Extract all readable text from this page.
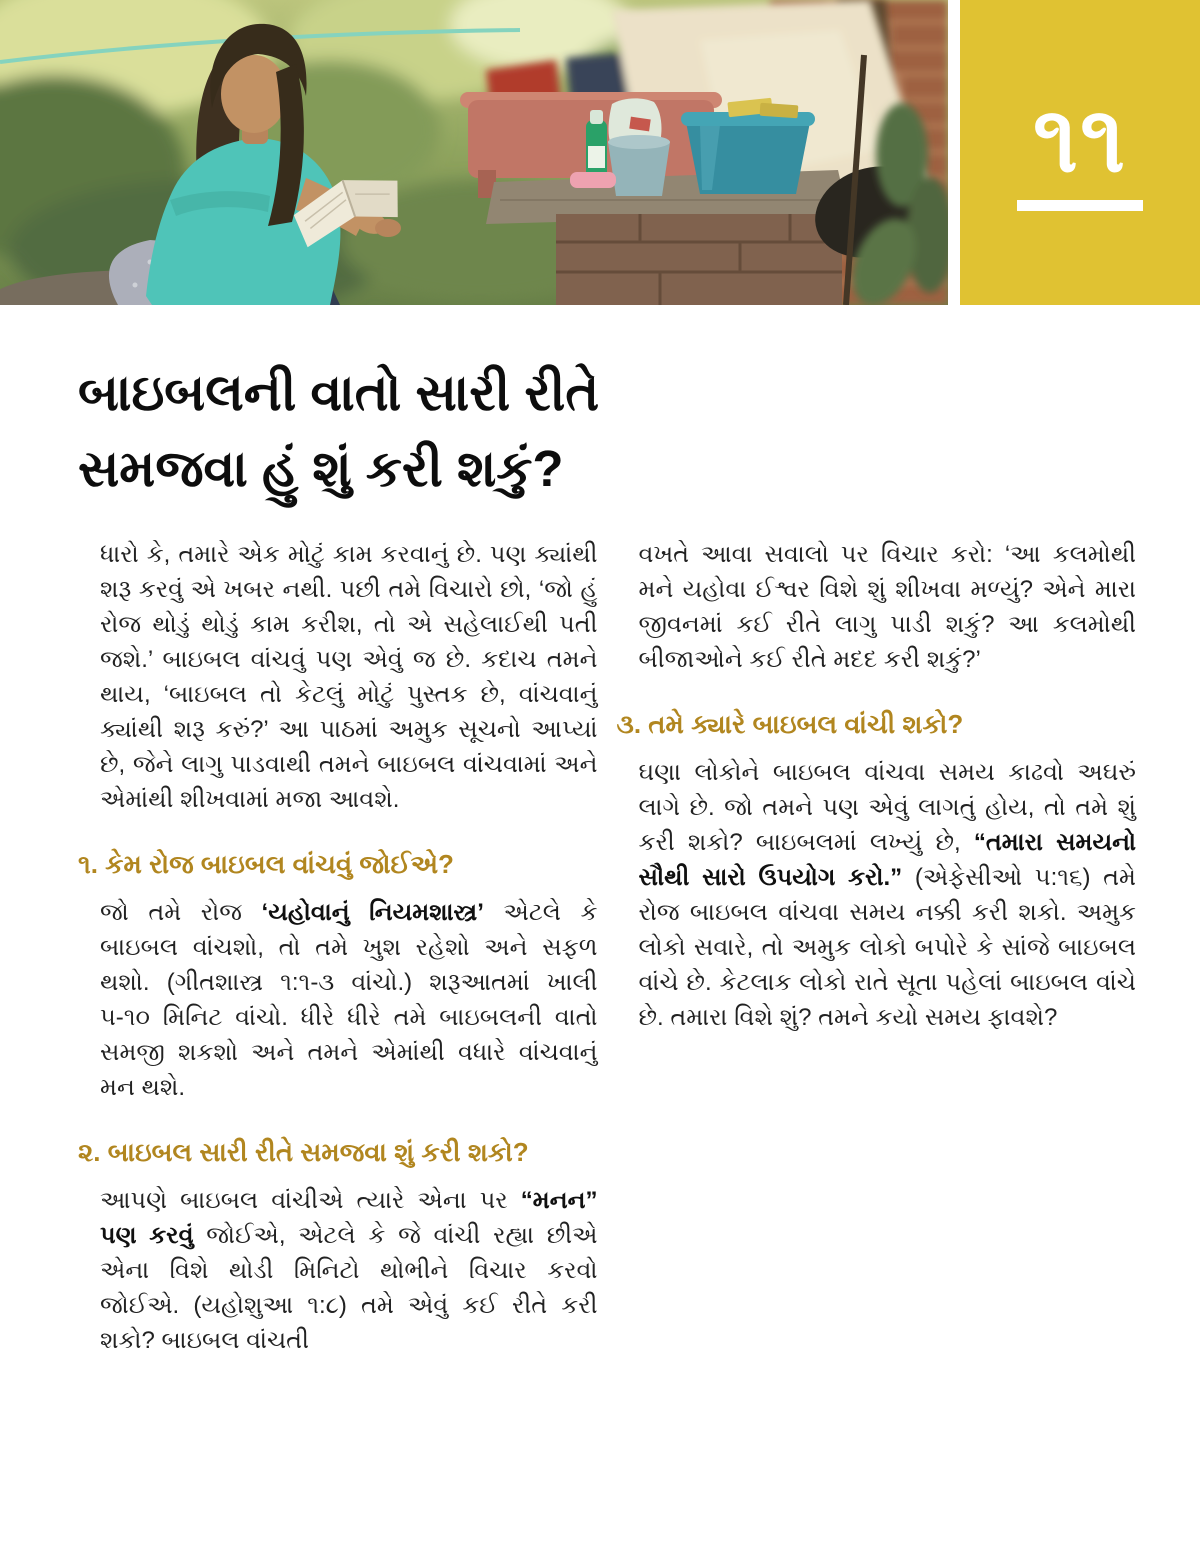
૧૧
બાઇબલની વાતો સારી રીતે
સમજવા હું શું કરી શકું?

ધારો કે, તમારે એક મોટું કામ કરવાનું છે. પણ ક્યાંથી શરૂ કરવું એ ખબર નથી. પછી તમે વિચારો છો, ‘જો હું રોજ થોડું થોડું કામ કરીશ, તો એ સહેલાઈથી પતી જશે.’ બાઇબલ વાંચવું પણ એવું જ છે. કદાચ તમને થાય, ‘બાઇબલ તો કેટલું મોટું પુસ્તક છે, વાંચવાનું ક્યાંથી શરૂ કરું?’ આ પાઠમાં અમુક સૂચનો આપ્યાં છે, જેને લાગુ પાડવાથી તમને બાઇબલ વાંચવામાં અને એમાંથી શીખવામાં મજા આવશે.

૧. કેમ રોજ બાઇબલ વાંચવું જોઈએ?

જો તમે રોજ ‘યહોવાનું નિયમશાસ્ત્ર’ એટલે કે બાઇબલ વાંચશો, તો તમે ખુશ રહેશો અને સફળ થશો. (ગીતશાસ્ત્ર ૧:૧-૩ વાંચો.) શરૂઆતમાં ખાલી ૫-૧૦ મિનિટ વાંચો. ધીરે ધીરે તમે બાઇબલની વાતો સમજી શકશો અને તમને એમાંથી વધારે વાંચવાનું મન થશે.

૨. બાઇબલ સારી રીતે સમજવા શું કરી શકો?

આપણે બાઇબલ વાંચીએ ત્યારે એના પર “મનન” પણ કરવું જોઈએ, એટલે કે જે વાંચી રહ્યા છીએ એના વિશે થોડી મિનિટો થોભીને વિચાર કરવો જોઈએ. (યહોશુઆ ૧:૮) તમે એવું કઈ રીતે કરી શકો? બાઇબલ વાંચતી

વખતે આવા સવાલો પર વિચાર કરો: ‘આ કલમોથી મને યહોવા ઈશ્વર વિશે શું શીખવા મળ્યું? એને મારા જીવનમાં કઈ રીતે લાગુ પાડી શકું? આ કલમોથી બીજાઓને કઈ રીતે મદદ કરી શકું?’

૩. તમે ક્યારે બાઇબલ વાંચી શકો?

ઘણા લોકોને બાઇબલ વાંચવા સમય કાઢવો અઘરું લાગે છે. જો તમને પણ એવું લાગતું હોય, તો તમે શું કરી શકો? બાઇબલમાં લખ્યું છે, “તમારા સમયનો સૌથી સારો ઉપયોગ કરો.” (એફેસીઓ ૫:૧૬) તમે રોજ બાઇબલ વાંચવા સમય નક્કી કરી શકો. અમુક લોકો સવારે, તો અમુક લોકો બપોરે કે સાંજે બાઇબલ વાંચે છે. કેટલાક લોકો રાતે સૂતા પહેલાં બાઇબલ વાંચે છે. તમારા વિશે શું? તમને કયો સમય ફાવશે?
